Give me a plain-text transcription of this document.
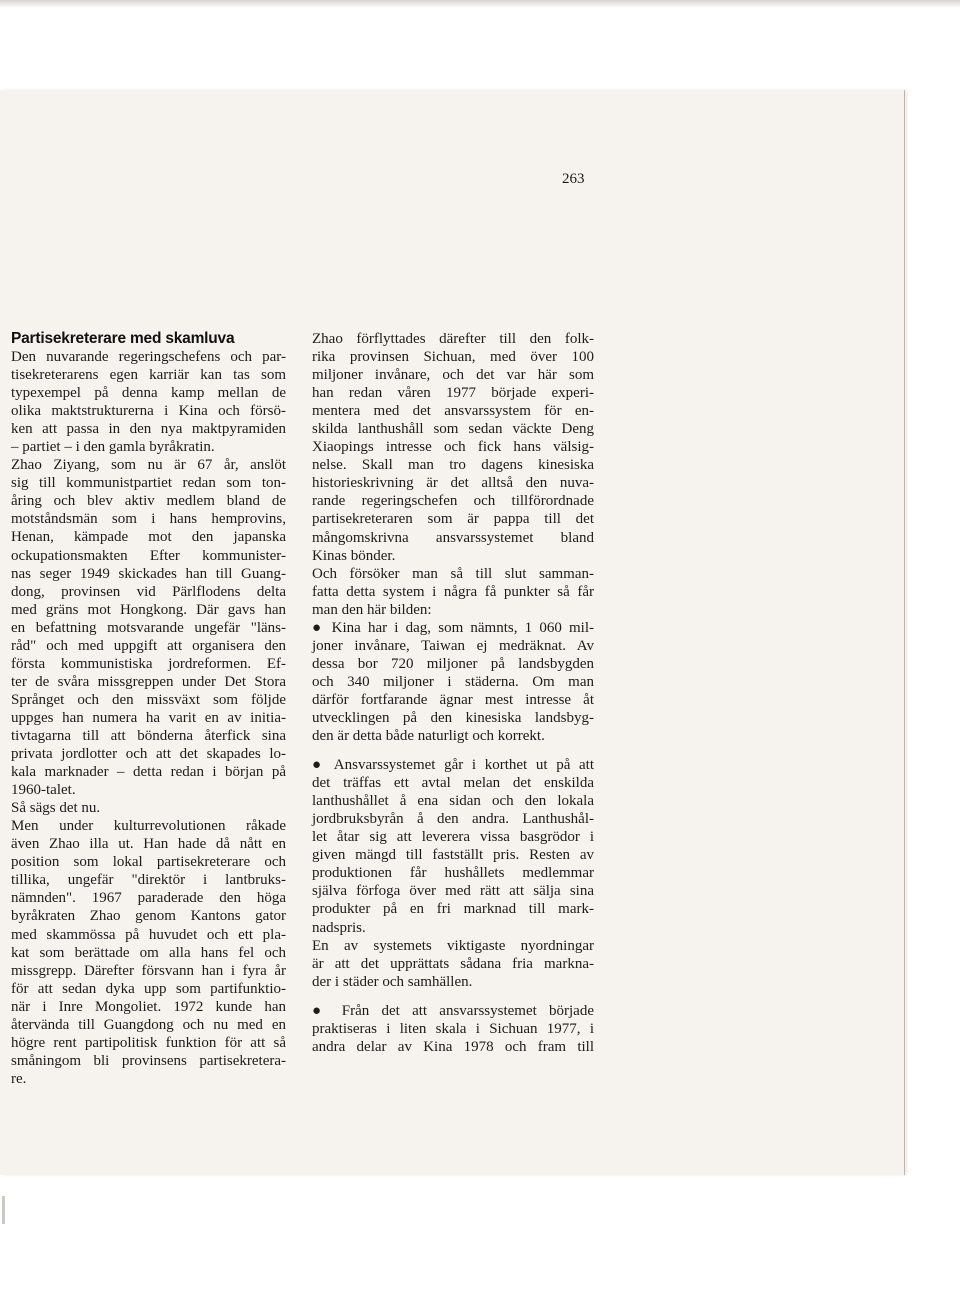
263
Partisekreterare med skamluva
Den nuvarande regeringschefens och par-
tisekreterarens egen karriär kan tas som
typexempel på denna kamp mellan de
olika maktstrukturerna i Kina och försö-
ken att passa in den nya maktpyramiden
– partiet – i den gamla byråkratin.
Zhao Ziyang, som nu är 67 år, anslöt
sig till kommunistpartiet redan som ton-
åring och blev aktiv medlem bland de
motståndsmän som i hans hemprovins,
Henan, kämpade mot den japanska
ockupationsmakten Efter kommunister-
nas seger 1949 skickades han till Guang-
dong, provinsen vid Pärlflodens delta
med gräns mot Hongkong. Där gavs han
en befattning motsvarande ungefär "läns-
råd" och med uppgift att organisera den
första kommunistiska jordreformen. Ef-
ter de svåra missgreppen under Det Stora
Språnget och den missväxt som följde
uppges han numera ha varit en av initia-
tivtagarna till att bönderna återfick sina
privata jordlotter och att det skapades lo-
kala marknader – detta redan i början på
1960-talet.
Så sägs det nu.
Men under kulturrevolutionen råkade
även Zhao illa ut. Han hade då nått en
position som lokal partisekreterare och
tillika, ungefär "direktör i lantbruks-
nämnden". 1967 paraderade den höga
byråkraten Zhao genom Kantons gator
med skammössa på huvudet och ett pla-
kat som berättade om alla hans fel och
missgrepp. Därefter försvann han i fyra år
för att sedan dyka upp som partifunktio-
när i Inre Mongoliet. 1972 kunde han
återvända till Guangdong och nu med en
högre rent partipolitisk funktion för att så
småningom bli provinsens partisekretera-
re.
Zhao förflyttades därefter till den folk-
rika provinsen Sichuan, med över 100
miljoner invånare, och det var här som
han redan våren 1977 började experi-
mentera med det ansvarssystem för en-
skilda lanthushåll som sedan väckte Deng
Xiaopings intresse och fick hans välsig-
nelse. Skall man tro dagens kinesiska
historieskrivning är det alltså den nuva-
rande regeringschefen och tillförordnade
partisekreteraren som är pappa till det
mångomskrivna ansvarssystemet bland
Kinas bönder.
Och försöker man så till slut samman-
fatta detta system i några få punkter så får
man den här bilden:
● Kina har i dag, som nämnts, 1 060 mil-
joner invånare, Taiwan ej medräknat. Av
dessa bor 720 miljoner på landsbygden
och 340 miljoner i städerna. Om man
därför fortfarande ägnar mest intresse åt
utvecklingen på den kinesiska landsbyg-
den är detta både naturligt och korrekt.
● Ansvarssystemet går i korthet ut på att
det träffas ett avtal melan det enskilda
lanthushållet å ena sidan och den lokala
jordbruksbyrån å den andra. Lanthushål-
let åtar sig att leverera vissa basgrödor i
given mängd till fastställt pris. Resten av
produktionen får hushållets medlemmar
själva förfoga över med rätt att sälja sina
produkter på en fri marknad till mark-
nadspris.
En av systemets viktigaste nyordningar
är att det upprättats sådana fria markna-
der i städer och samhällen.
● Från det att ansvarssystemet började
praktiseras i liten skala i Sichuan 1977, i
andra delar av Kina 1978 och fram till
